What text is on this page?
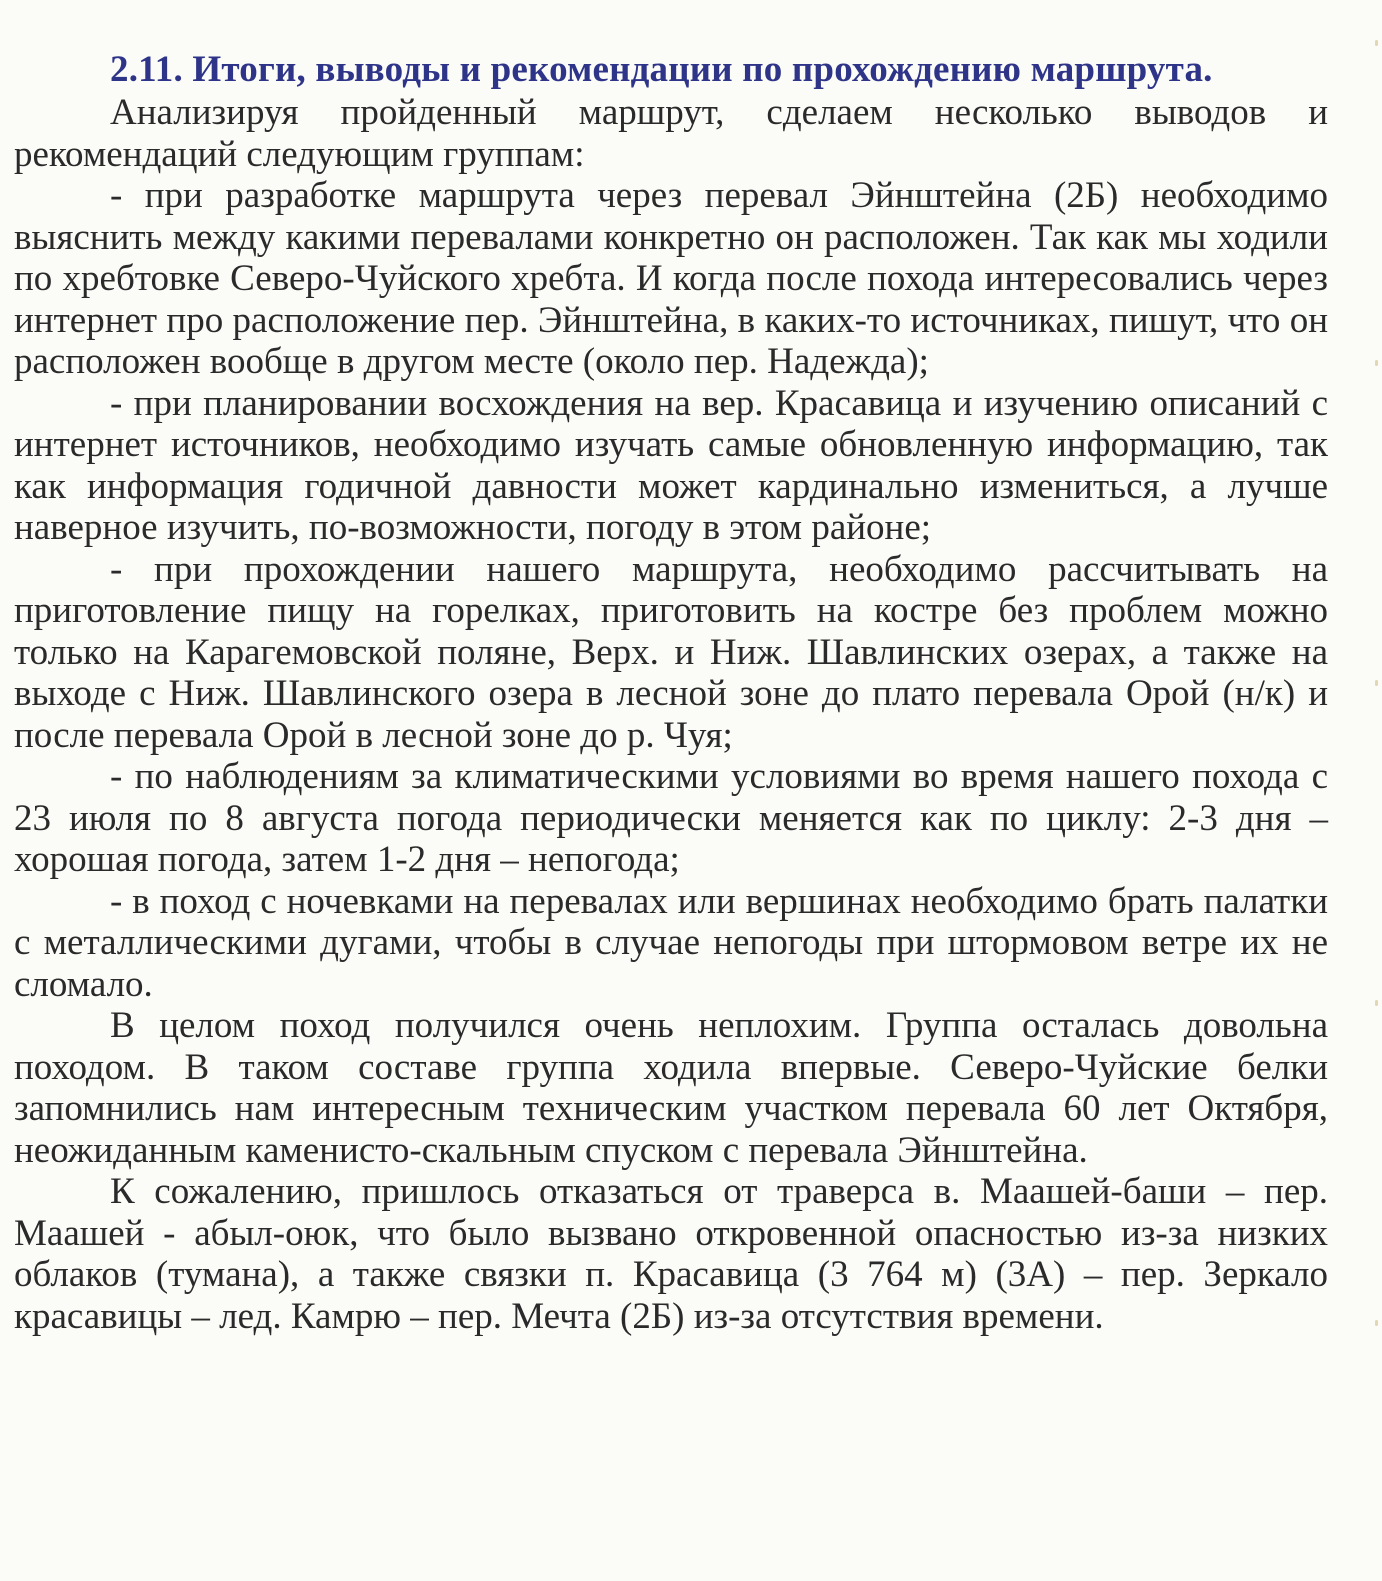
2.11. Итоги, выводы и рекомендации по прохождению маршрута.

Анализируя пройденный маршрут, сделаем несколько выводов и рекомендаций следующим группам:

- при разработке маршрута через перевал Эйнштейна (2Б) необходимо выяснить между какими перевалами конкретно он расположен. Так как мы ходили по хребтовке Северо-Чуйского хребта. И когда после похода интересовались через интернет про расположение пер. Эйнштейна, в каких-то источниках, пишут, что он расположен вообще в другом месте (около пер. Надежда);

- при планировании восхождения на вер. Красавица и изучению описаний с интернет источников, необходимо изучать самые обновленную информацию, так как информация годичной давности может кардинально измениться, а лучше наверное изучить, по-возможности, погоду в этом районе;

- при прохождении нашего маршрута, необходимо рассчитывать на приготовление пищу на горелках, приготовить на костре без проблем можно только на Карагемовской поляне, Верх. и Ниж. Шавлинских озерах, а также на выходе с Ниж. Шавлинского озера в лесной зоне до плато перевала Орой (н/к) и после перевала Орой в лесной зоне до р. Чуя;

- по наблюдениям за климатическими условиями во время нашего похода с 23 июля по 8 августа погода периодически меняется как по циклу: 2-3 дня – хорошая погода, затем 1-2 дня – непогода;

- в поход с ночевками на перевалах или вершинах необходимо брать палатки с металлическими дугами, чтобы в случае непогоды при штормовом ветре их не сломало.

В целом поход получился очень неплохим. Группа осталась довольна походом. В таком составе группа ходила впервые. Северо-Чуйские белки запомнились нам интересным техническим участком перевала 60 лет Октября, неожиданным камениcто-скальным спуском с перевала Эйнштейна.

К сожалению, пришлось отказаться от траверса в. Маашей-баши – пер. Маашей - абыл-оюк, что было вызвано откровенной опасностью из-за низких облаков (тумана), а также связки п. Красавица (3 764 м) (3А) – пер. Зеркало красавицы – лед. Камрю – пер. Мечта (2Б) из-за отсутствия времени.
